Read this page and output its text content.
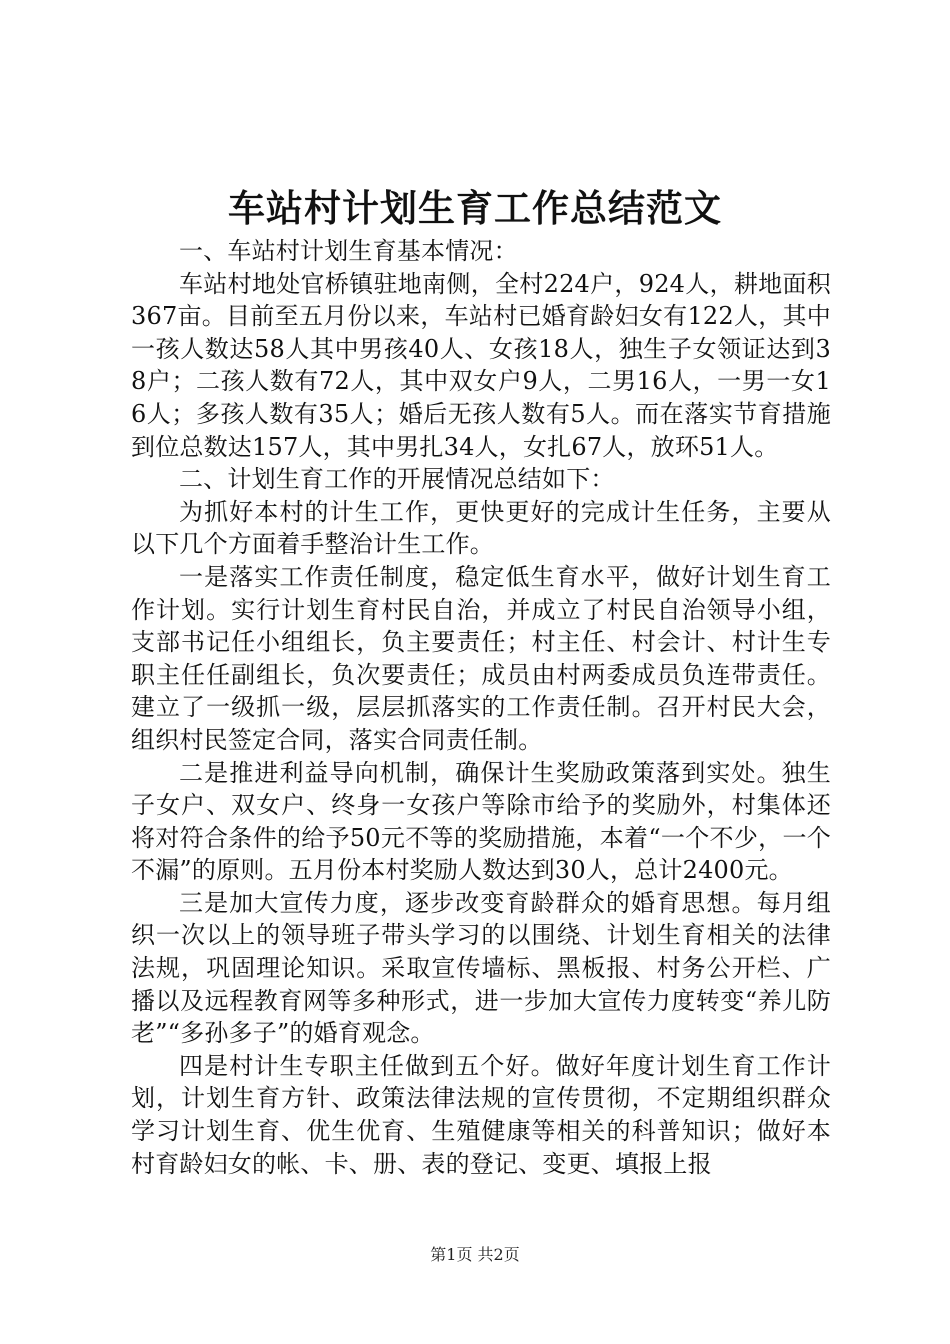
车站村计划生育工作总结范文

一、车站村计划生育基本情况：

车站村地处官桥镇驻地南侧，全村224户，924人，耕地面积367亩。目前至五月份以来，车站村已婚育龄妇女有122人，其中一孩人数达58人其中男孩40人、女孩18人，独生子女领证达到38户；二孩人数有72人，其中双女户9人，二男16人，一男一女16人；多孩人数有35人；婚后无孩人数有5人。而在落实节育措施到位总数达157人，其中男扎34人，女扎67人，放环51人。

二、计划生育工作的开展情况总结如下：

为抓好本村的计生工作，更快更好的完成计生任务，主要从以下几个方面着手整治计生工作。

一是落实工作责任制度，稳定低生育水平，做好计划生育工作计划。实行计划生育村民自治，并成立了村民自治领导小组，支部书记任小组组长，负主要责任；村主任、村会计、村计生专职主任任副组长，负次要责任；成员由村两委成员负连带责任。建立了一级抓一级，层层抓落实的工作责任制。召开村民大会，组织村民签定合同，落实合同责任制。

二是推进利益导向机制，确保计生奖励政策落到实处。独生子女户、双女户、终身一女孩户等除市给予的奖励外，村集体还将对符合条件的给予50元不等的奖励措施，本着“一个不少，一个不漏”的原则。五月份本村奖励人数达到30人，总计2400元。

三是加大宣传力度，逐步改变育龄群众的婚育思想。每月组织一次以上的领导班子带头学习的以围绕、计划生育相关的法律法规，巩固理论知识。采取宣传墙标、黑板报、村务公开栏、广播以及远程教育网等多种形式，进一步加大宣传力度转变“养儿防老”“多孙多子”的婚育观念。

四是村计生专职主任做到五个好。做好年度计划生育工作计划，计划生育方针、政策法律法规的宣传贯彻，不定期组织群众学习计划生育、优生优育、生殖健康等相关的科普知识；做好本村育龄妇女的帐、卡、册、表的登记、变更、填报上报

第1页 共2页
